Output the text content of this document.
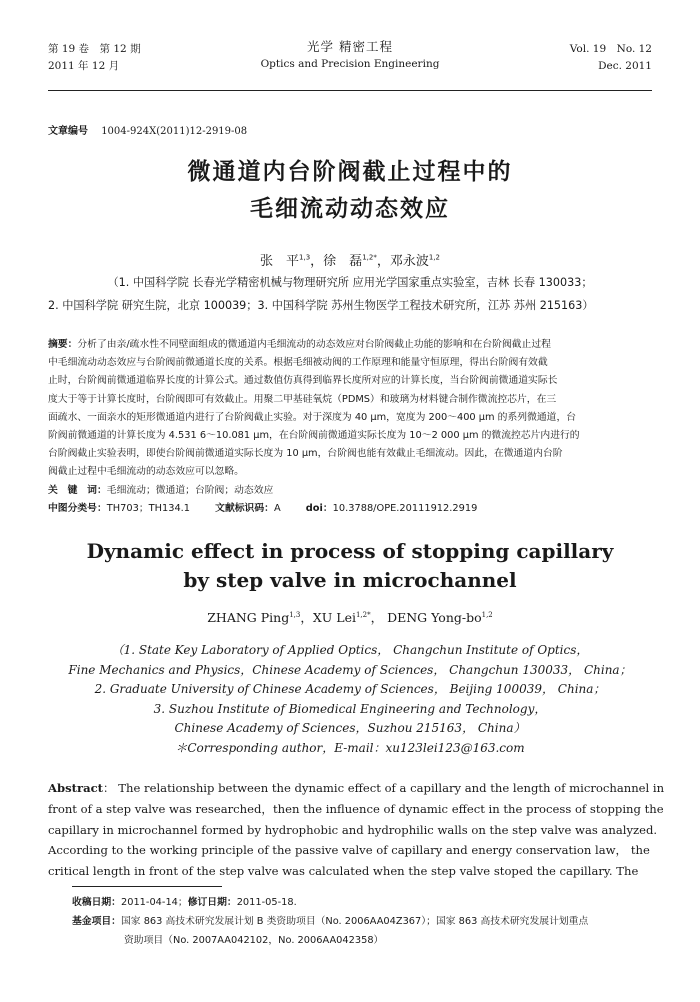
第 19 卷　第 12 期
2011 年 12 月
光学 精密工程
Optics and Precision Engineering
Vol. 19　No. 12
Dec. 2011
文章编号 1004-924X(2011)12-2919-08
微通道内台阶阀截止过程中的
毛细流动动态效应
张　平$^{1,3}$，徐　磊$^{1,2*}$，邓永波$^{1,2}$
（1. 中国科学院 长春光学精密机械与物理研究所 应用光学国家重点实验室，吉林 长春 130033；
2. 中国科学院 研究生院，北京 100039；3. 中国科学院 苏州生物医学工程技术研究所，江苏 苏州 215163）
摘要：分析了由亲/疏水性不同壁面组成的微通道内毛细流动的动态效应对台阶阀截止功能的影响和在台阶阀截止过程
中毛细流动动态效应与台阶阀前微通道长度的关系。根据毛细被动阀的工作原理和能量守恒原理，得出台阶阀有效截
止时，台阶阀前微通道临界长度的计算公式。通过数值仿真得到临界长度所对应的计算长度，当台阶阀前微通道实际长
度大于等于计算长度时，台阶阀即可有效截止。用聚二甲基硅氧烷（PDMS）和玻璃为材料键合制作微流控芯片，在三
面疏水、一面亲水的矩形微通道内进行了台阶阀截止实验。对于深度为 40 μm，宽度为 200～400 μm 的系列微通道，台
阶阀前微通道的计算长度为 4.531 6～10.081 μm，在台阶阀前微通道实际长度为 10～2 000 μm 的微流控芯片内进行的
台阶阀截止实验表明，即使台阶阀前微通道实际长度为 10 μm，台阶阀也能有效截止毛细流动。因此，在微通道内台阶
阀截止过程中毛细流动的动态效应可以忽略。
关　键　词：毛细流动；微通道；台阶阀；动态效应
中图分类号：TH703；TH134.1	文献标识码：A	doi：10.3788/OPE.20111912.2919
Dynamic effect in process of stopping capillary
by step valve in microchannel
ZHANG Ping$^{1,3}$，XU Lei$^{1,2*}$， DENG Yong-bo$^{1,2}$
（1. State Key Laboratory of Applied Optics， Changchun Institute of Optics，
Fine Mechanics and Physics，Chinese Academy of Sciences， Changchun 130033， China；
2. Graduate University of Chinese Academy of Sciences， Beijing 100039， China；
3. Suzhou Institute of Biomedical Engineering and Technology，
Chinese Academy of Sciences，Suzhou 215163， China）
＊Corresponding author，E-mail：xu123lei123@163.com
Abstract： The relationship between the dynamic effect of a capillary and the length of microchannel in
front of a step valve was researched，then the influence of dynamic effect in the process of stopping the
capillary in microchannel formed by hydrophobic and hydrophilic walls on the step valve was analyzed.
According to the working principle of the passive valve of capillary and energy conservation law， the
critical length in front of the step valve was calculated when the step valve stoped the capillary. The
收稿日期：2011-04-14；修订日期：2011-05-18.
基金项目：国家 863 高技术研究发展计划 B 类资助项目（No. 2006AA04Z367）；国家 863 高技术研究发展计划重点
资助项目（No. 2007AA042102，No. 2006AA042358）
